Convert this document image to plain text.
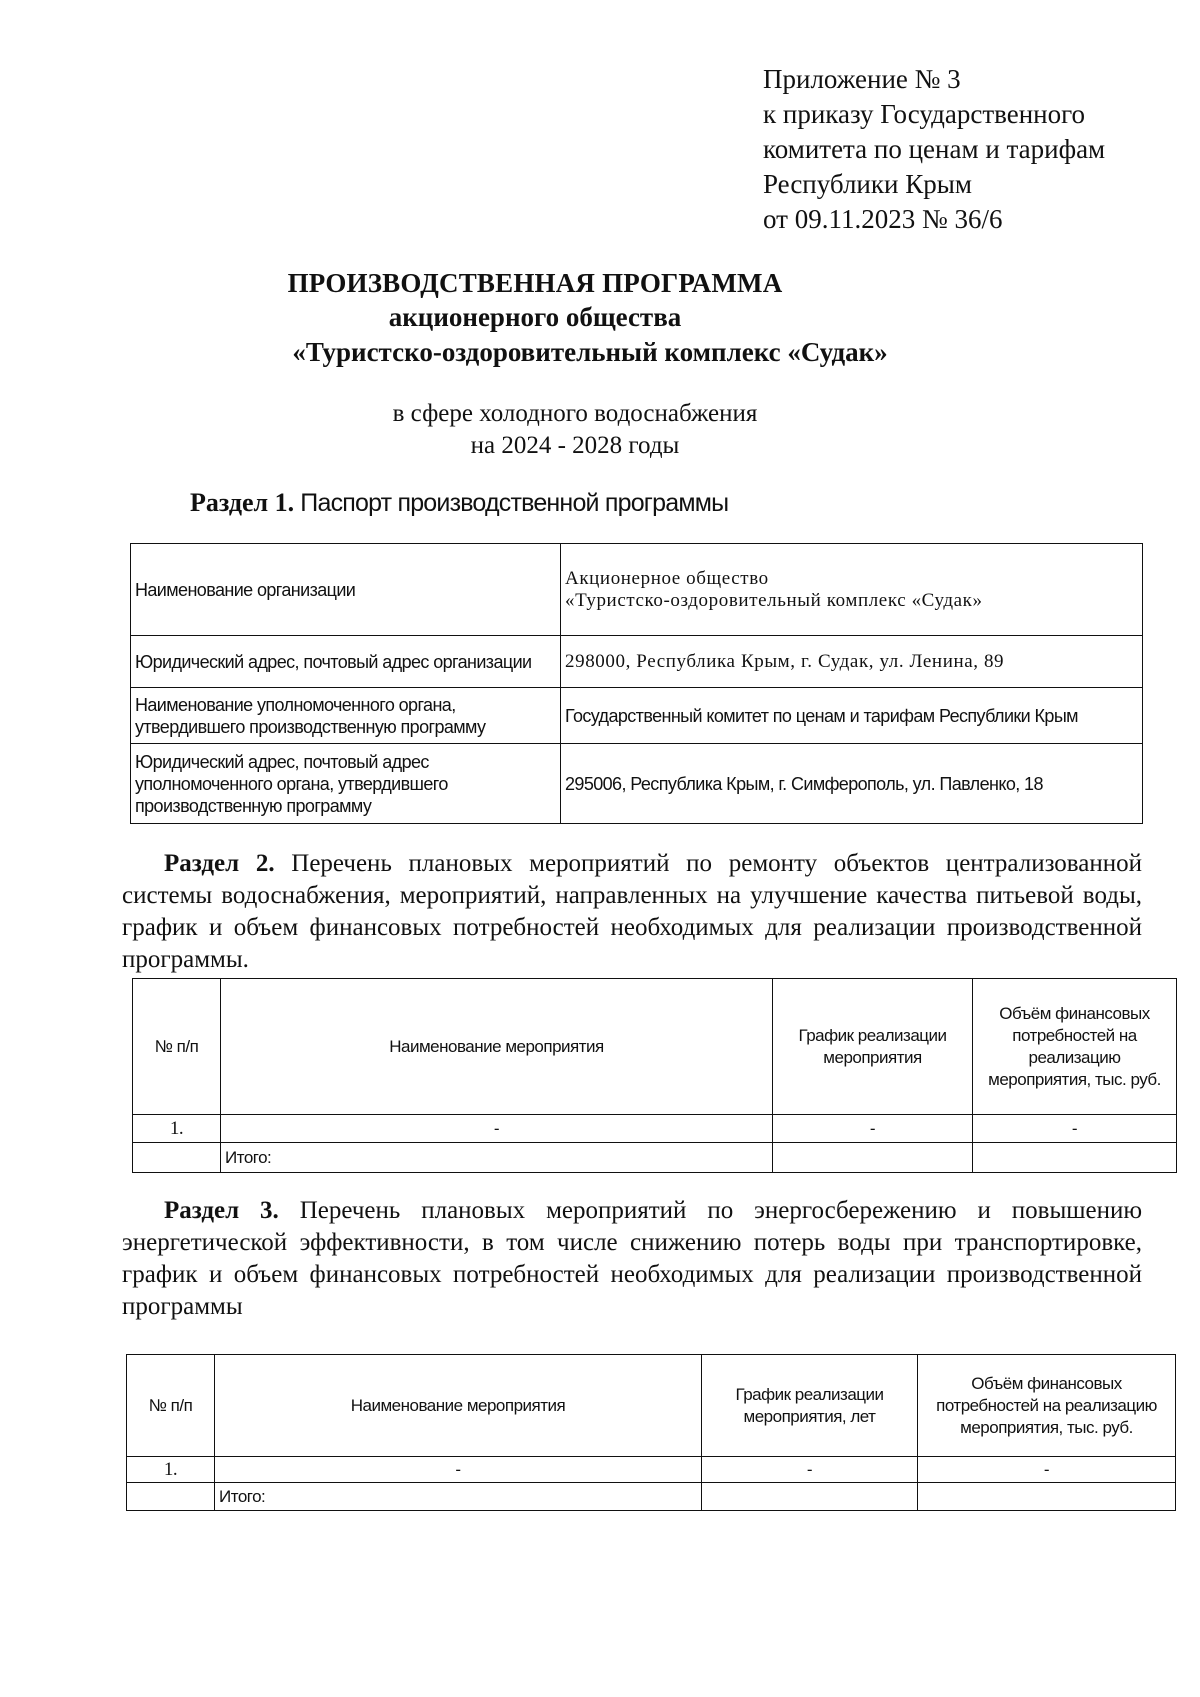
Приложение № 3
к приказу Государственного
комитета по ценам и тарифам
Республики Крым
от 09.11.2023 № 36/6
ПРОИЗВОДСТВЕННАЯ ПРОГРАММА
акционерного общества
«Туристско-оздоровительный комплекс «Судак»
в сфере холодного водоснабжения
на 2024 - 2028 годы
Раздел 1. Паспорт производственной программы
Наименование организации	Акционерное общество
«Туристско-оздоровительный комплекс «Судак»

Юридический адрес, почтовый адрес организации	298000, Республика Крым, г. Судак, ул. Ленина, 89
Наименование уполномоченного органа, утвердившего производственную программу	Государственный комитет по ценам и тарифам Республики Крым
Юридический адрес, почтовый адрес уполномоченного органа, утвердившего производственную программу	295006, Республика Крым, г. Симферополь, ул. Павленко, 18
Раздел 2. Перечень плановых мероприятий по ремонту объектов централизованной системы водоснабжения, мероприятий, направленных на улучшение качества питьевой воды, график и объем финансовых потребностей необходимых для реализации производственной программы.
№ п/п	Наименование мероприятия	График реализации мероприятия	Объём финансовых потребностей на реализацию мероприятия, тыс. руб.
1.	-	-	-
	Итого:		
Раздел 3. Перечень плановых мероприятий по энергосбережению и повышению энергетической эффективности, в том числе снижению потерь воды при транспортировке, график и объем финансовых потребностей необходимых для реализации производственной программы
№ п/п	Наименование мероприятия	График реализации мероприятия, лет	Объём финансовых потребностей на реализацию мероприятия, тыс. руб.
1.	-	-	-
	Итого:		
